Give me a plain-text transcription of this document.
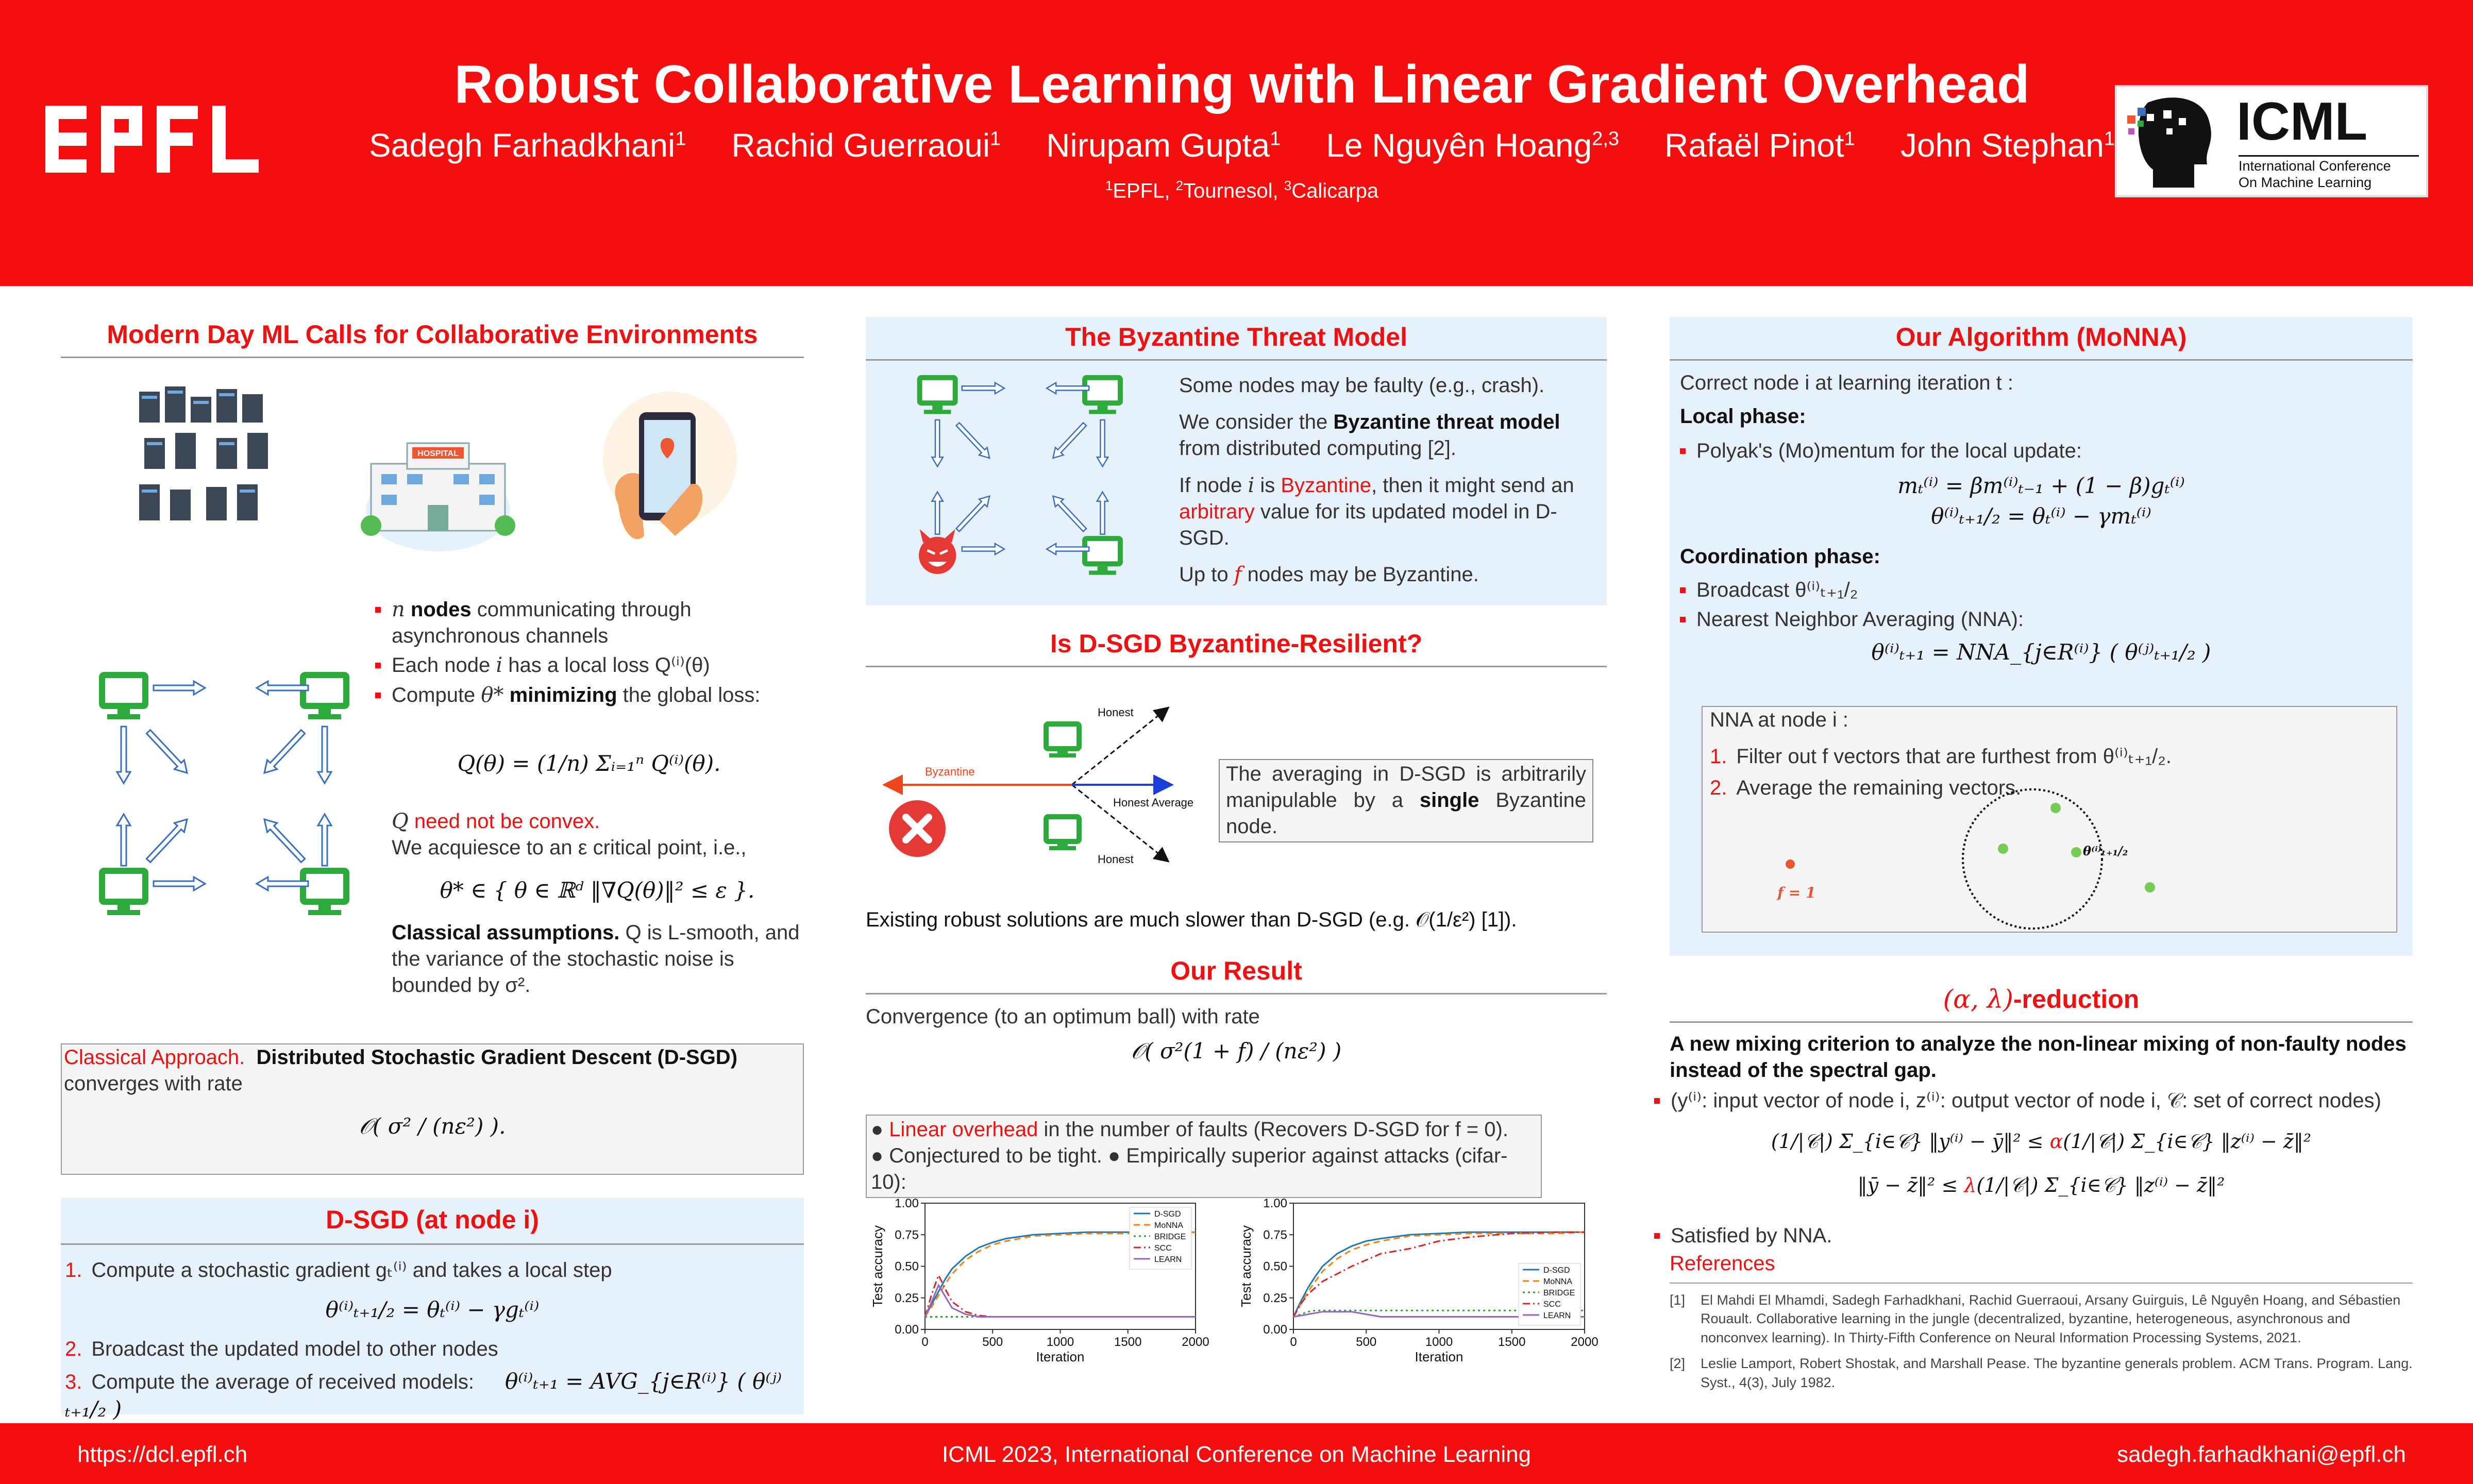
Robust Collaborative Learning with Linear Gradient Overhead
Sadegh Farhadkhani$^1$ Rachid Guerraoui$^1$ Nirupam Gupta$^1$ Le Nguyên Hoang$^{2,3}$ Rafaël Pinot$^1$ John Stephan$^1$
$^1$EPFL, $^2$Tournesol, $^3$Calicarpa
ICML
International Conference
On Machine Learning
Modern Day ML Calls for Collaborative Environments
HOSPITAL
n nodes communicating through asynchronous channels
Each node i has a local loss Q⁽ⁱ⁾(θ)
Compute θ* minimizing the global loss:
Q(θ) = (1/n) Σᵢ₌₁ⁿ Q⁽ⁱ⁾(θ).
Q need not be convex.
We acquiesce to an ε critical point, i.e.,
θ* ∈ { θ ∈ ℝᵈ ‖∇Q(θ)‖² ≤ ε }.
Classical assumptions. Q is L-smooth, and the variance of the stochastic noise is bounded by σ².
Classical Approach. Distributed Stochastic Gradient Descent (D-SGD) converges with rate
𝒪( σ² / (nε²) ).
D-SGD (at node i)
1. Compute a stochastic gradient gₜ⁽ⁱ⁾ and takes a local step
θ⁽ⁱ⁾ₜ₊₁/₂ = θₜ⁽ⁱ⁾ − γgₜ⁽ⁱ⁾
2. Broadcast the updated model to other nodes
3. Compute the average of received models: θ⁽ⁱ⁾ₜ₊₁ = AVG_{j∈R⁽ⁱ⁾} ( θ⁽ʲ⁾ₜ₊₁/₂ )
The Byzantine Threat Model
Some nodes may be faulty (e.g., crash).
We consider the Byzantine threat model from distributed computing [2].
If node i is Byzantine, then it might send an arbitrary value for its updated model in D-SGD.
Up to f nodes may be Byzantine.
Is D-SGD Byzantine-Resilient?
Honest
Byzantine
Honest Average
Honest
The averaging in D-SGD is arbitrarily manipulable by a single Byzantine node.
Existing robust solutions are much slower than D-SGD (e.g. 𝒪(1/ε²) [1]).
Our Result
Convergence (to an optimum ball) with rate
𝒪( σ²(1 + f) / (nε²) )
● Linear overhead in the number of faults (Recovers D-SGD for f = 0).
● Conjectured to be tight. ● Empirically superior against attacks (cifar-10):
0	500	1000	1500	2000
0.00
0.25
0.50
0.75
1.00
Iteration
Test accuracy
D-SGD
MoNNA
BRIDGE
SCC
LEARN
0	500	1000	1500	2000
0.00
0.25
0.50
0.75
1.00
Iteration
Test accuracy	D-SGD
MoNNA
BRIDGE
SCC
LEARN
Our Algorithm (MoNNA)
Correct node i at learning iteration t :
Local phase:
Polyak's (Mo)mentum for the local update:
mₜ⁽ⁱ⁾ = βm⁽ⁱ⁾ₜ₋₁ + (1 − β)gₜ⁽ⁱ⁾
θ⁽ⁱ⁾ₜ₊₁/₂ = θₜ⁽ⁱ⁾ − γmₜ⁽ⁱ⁾
Coordination phase:
Broadcast θ⁽ⁱ⁾ₜ₊₁/₂
Nearest Neighbor Averaging (NNA):
θ⁽ⁱ⁾ₜ₊₁ = NNA_{j∈R⁽ⁱ⁾} ( θ⁽ʲ⁾ₜ₊₁/₂ )
NNA at node i :
1. Filter out f vectors that are furthest from θ⁽ⁱ⁾ₜ₊₁/₂.
2. Average the remaining vectors.
f = 1
θ⁽ⁱ⁾ₜ₊₁/₂
(α, λ)-reduction
A new mixing criterion to analyze the non-linear mixing of non-faulty nodes instead of the spectral gap.
(y⁽ⁱ⁾: input vector of node i, z⁽ⁱ⁾: output vector of node i, 𝒞: set of correct nodes)
(1/|𝒞|) Σ_{i∈𝒞} ‖y⁽ⁱ⁾ − ȳ‖² ≤ α(1/|𝒞|) Σ_{i∈𝒞} ‖z⁽ⁱ⁾ − z̄‖²
‖ȳ − z̄‖² ≤ λ(1/|𝒞|) Σ_{i∈𝒞} ‖z⁽ⁱ⁾ − z̄‖²
Satisfied by NNA.
References
[1]	El Mahdi El Mhamdi, Sadegh Farhadkhani, Rachid Guerraoui, Arsany Guirguis, Lê Nguyên Hoang, and Sébastien Rouault. Collaborative learning in the jungle (decentralized, byzantine, heterogeneous, asynchronous and nonconvex learning). In Thirty-Fifth Conference on Neural Information Processing Systems, 2021.
[2]	Leslie Lamport, Robert Shostak, and Marshall Pease. The byzantine generals problem. ACM Trans. Program. Lang. Syst., 4(3), July 1982.
https://dcl.epfl.ch	ICML 2023, International Conference on Machine Learning	sadegh.farhadkhani@epfl.ch
